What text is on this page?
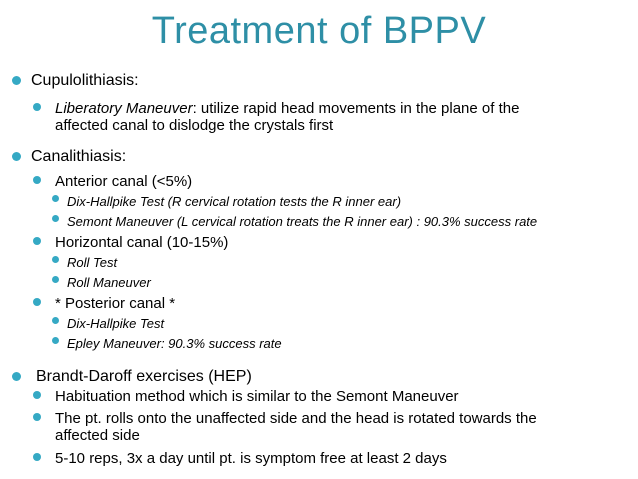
Treatment of BPPV
Cupulolithiasis:
Liberatory Maneuver: utilize rapid head movements in the plane of the
affected canal to dislodge the crystals first
Canalithiasis:
Anterior canal (<5%)
Dix-Hallpike Test (R cervical rotation tests the R inner ear)
Semont Maneuver (L cervical rotation treats the R inner ear) : 90.3% success rate
Horizontal canal (10-15%)
Roll Test
Roll Maneuver
* Posterior canal *
Dix-Hallpike Test
Epley Maneuver: 90.3% success rate
Brandt-Daroff exercises (HEP)
Habituation method which is similar to the Semont Maneuver
The pt. rolls onto the unaffected side and the head is rotated towards the
affected side
5-10 reps, 3x a day until pt. is symptom free at least 2 days
